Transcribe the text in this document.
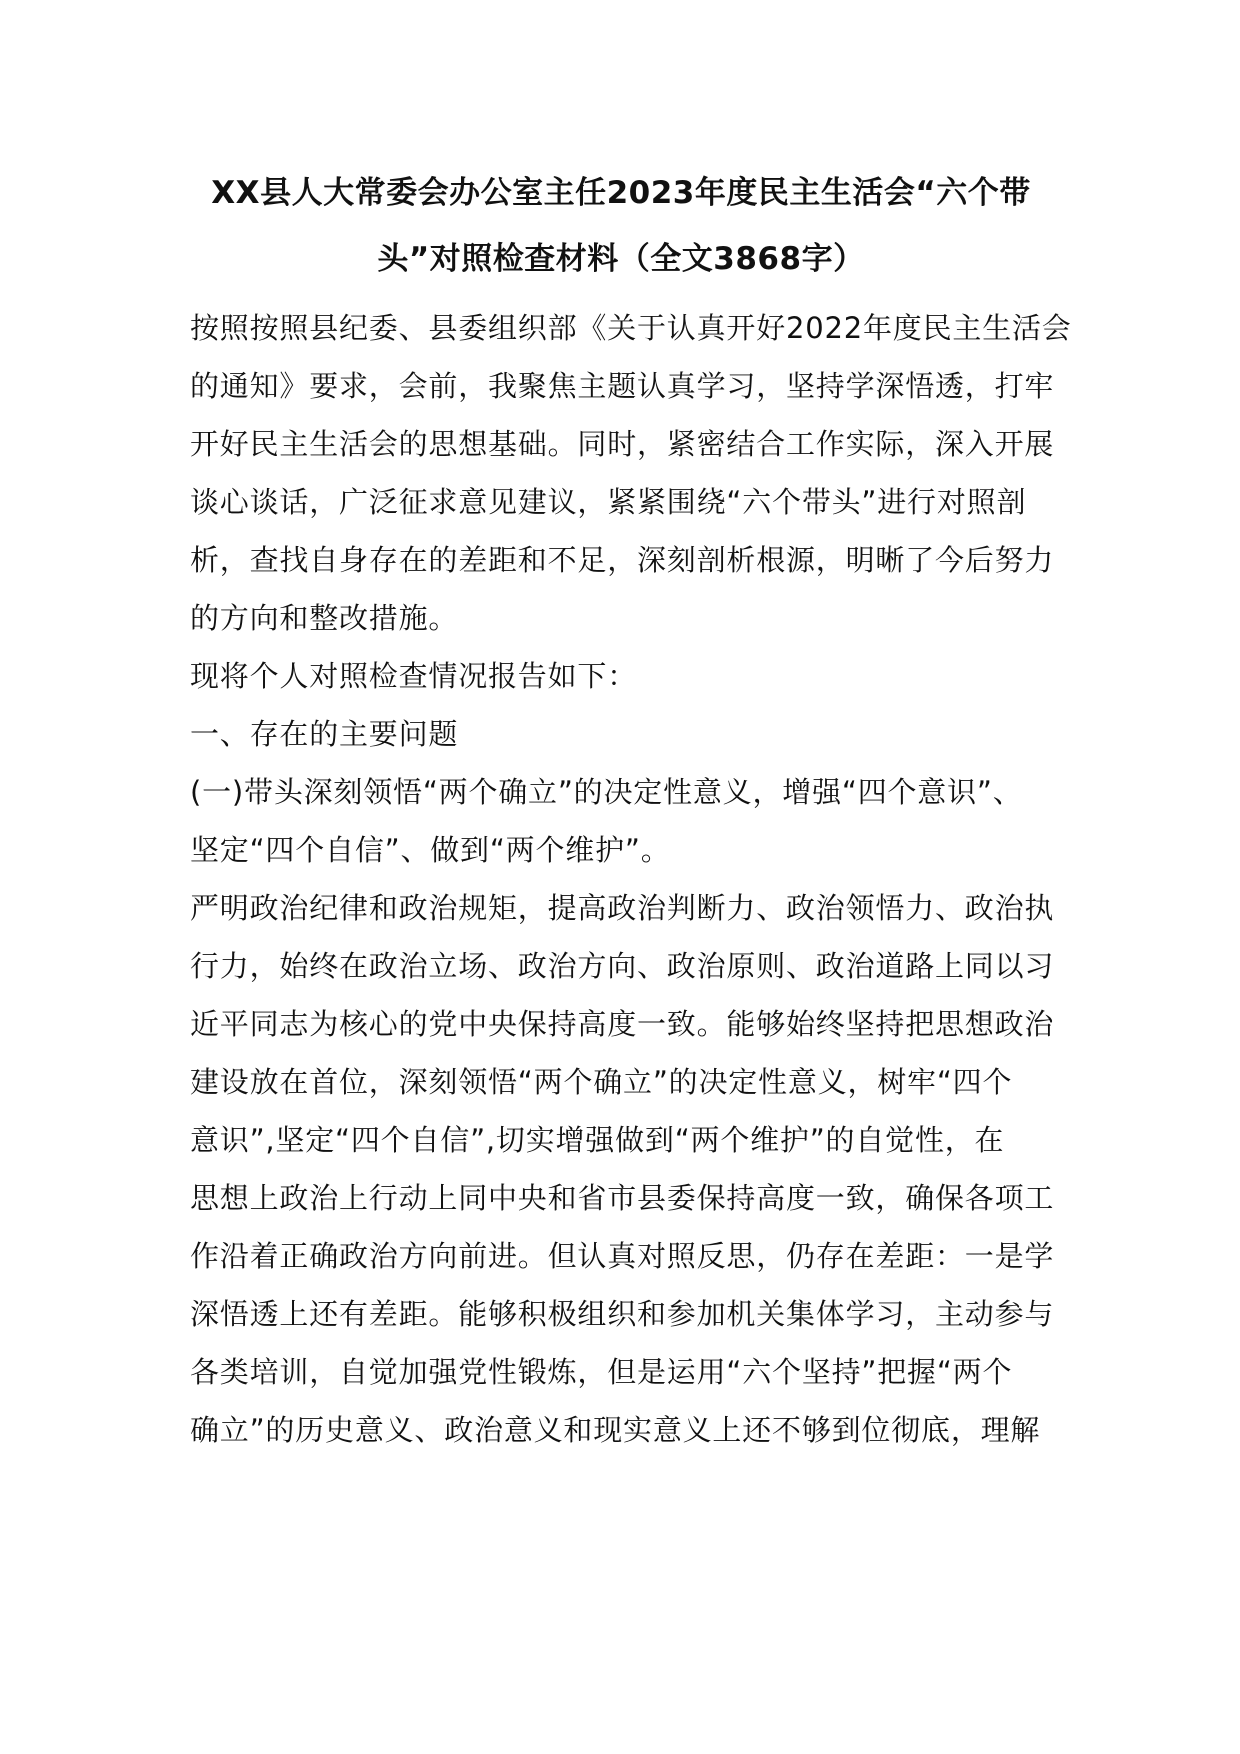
XX县人大常委会办公室主任2023年度民主生活会“六个带
头”对照检查材料（全文3868字）
按照按照县纪委、县委组织部《关于认真开好2022年度民主生活会
的通知》要求，会前，我聚焦主题认真学习，坚持学深悟透，打牢
开好民主生活会的思想基础。同时，紧密结合工作实际，深入开展
谈心谈话，广泛征求意见建议，紧紧围绕“六个带头”进行对照剖
析，查找自身存在的差距和不足，深刻剖析根源，明晰了今后努力
的方向和整改措施。
现将个人对照检查情况报告如下：
一、存在的主要问题
(一)带头深刻领悟“两个确立”的决定性意义，增强“四个意识”、
坚定“四个自信”、做到“两个维护”。
严明政治纪律和政治规矩，提高政治判断力、政治领悟力、政治执
行力，始终在政治立场、政治方向、政治原则、政治道路上同以习
近平同志为核心的党中央保持高度一致。能够始终坚持把思想政治
建设放在首位，深刻领悟“两个确立”的决定性意义，树牢“四个
意识”,坚定“四个自信”,切实增强做到“两个维护”的自觉性，在
思想上政治上行动上同中央和省市县委保持高度一致，确保各项工
作沿着正确政治方向前进。但认真对照反思，仍存在差距：一是学
深悟透上还有差距。能够积极组织和参加机关集体学习，主动参与
各类培训，自觉加强党性锻炼，但是运用“六个坚持”把握“两个
确立”的历史意义、政治意义和现实意义上还不够到位彻底，理解
